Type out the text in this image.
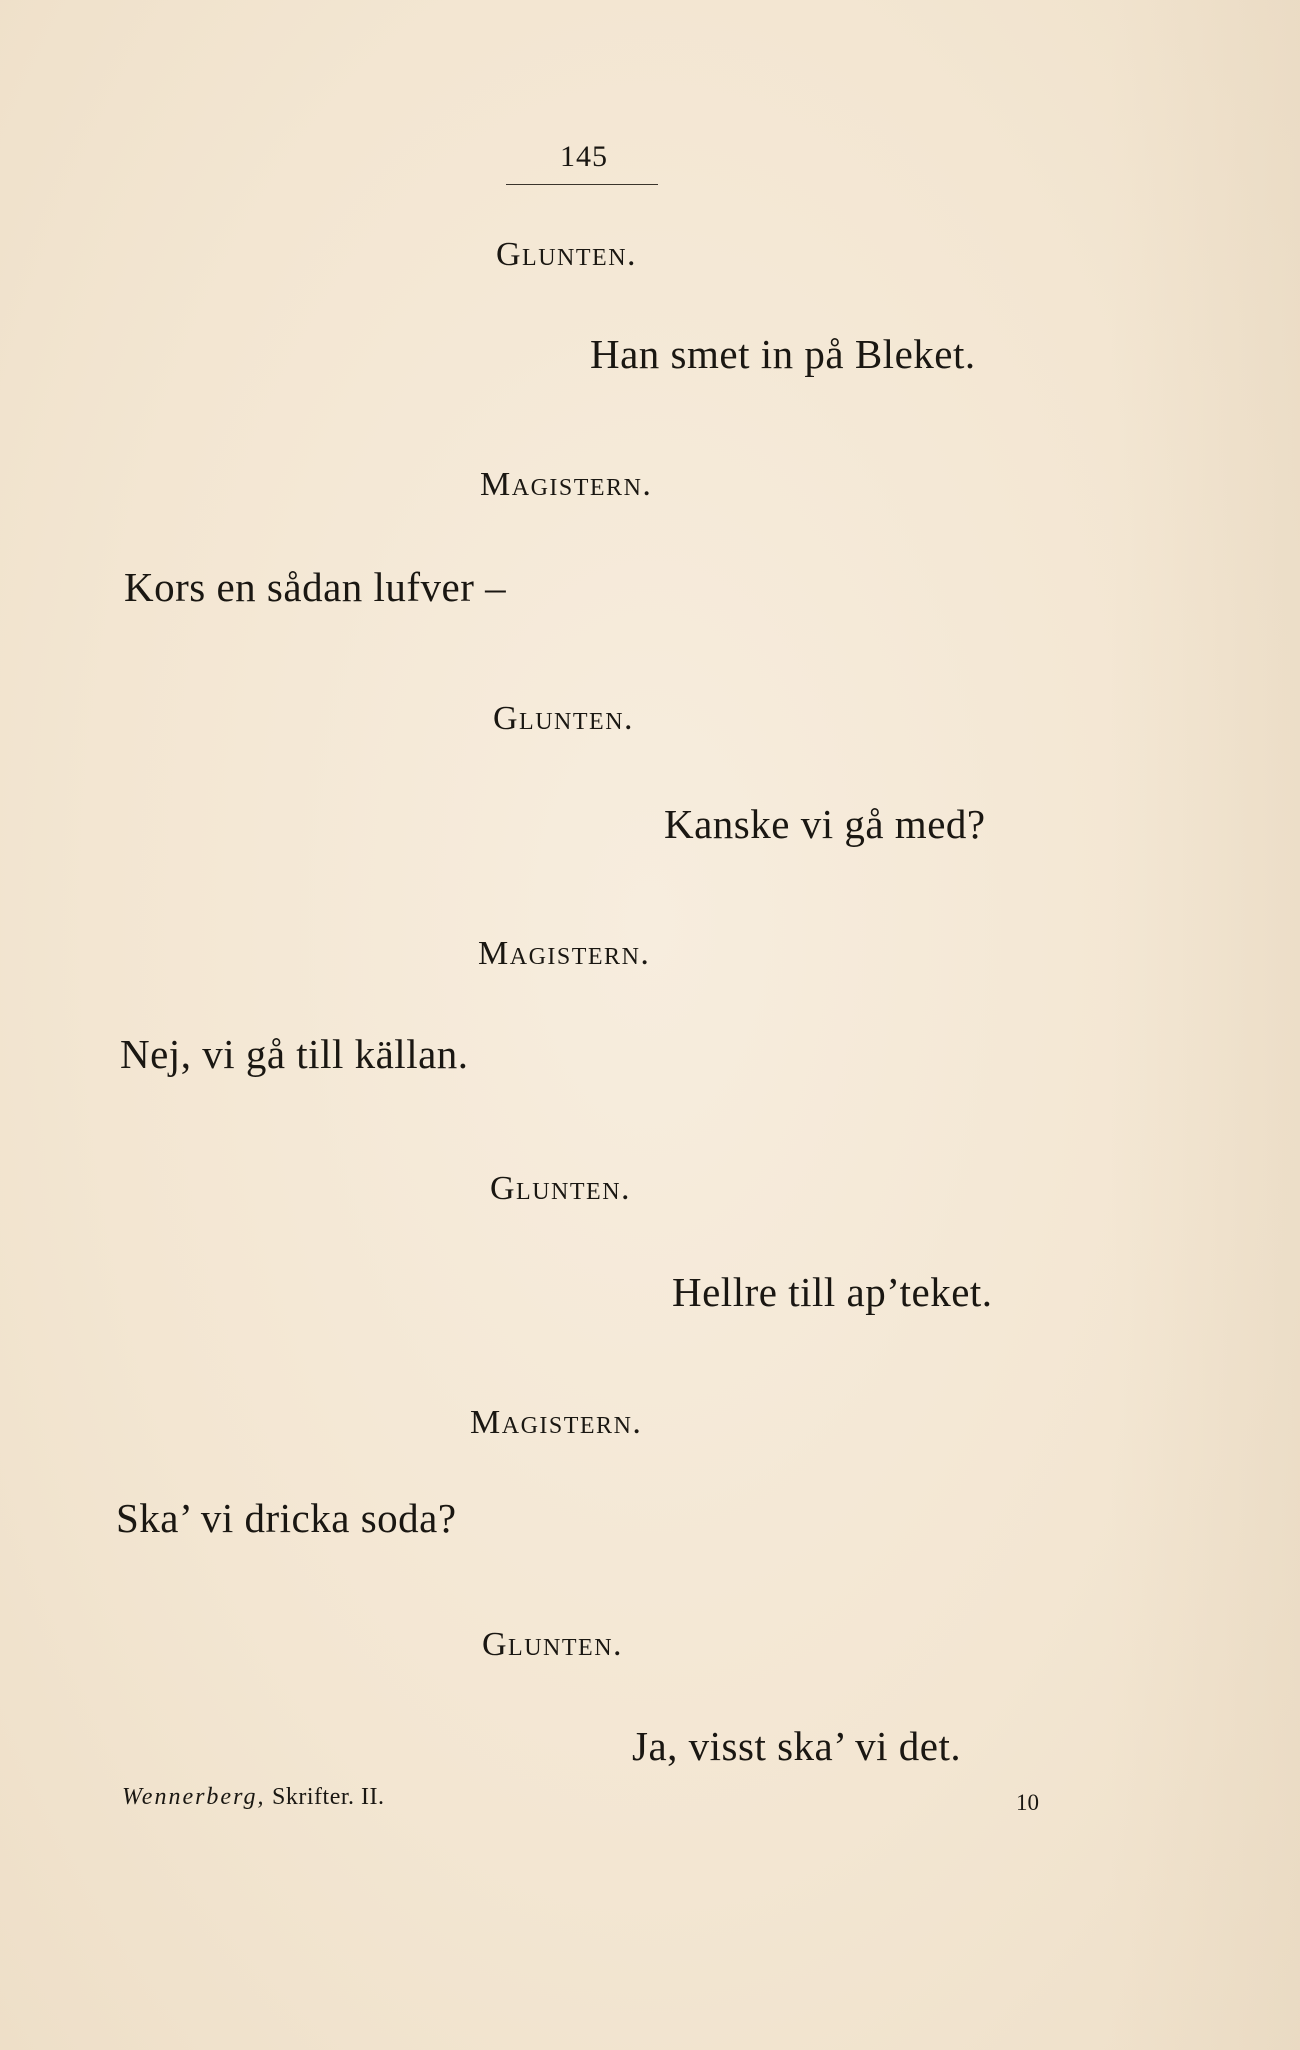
145
Glunten.
Han smet in på Bleket.
Magistern.
Kors en sådan lufver –
Glunten.
Kanske vi gå med?
Magistern.
Nej, vi gå till källan.
Glunten.
Hellre till ap’teket.
Magistern.
Ska’ vi dricka soda?
Glunten.
Ja, visst ska’ vi det.
Wennerberg, Skrifter. II.	10
